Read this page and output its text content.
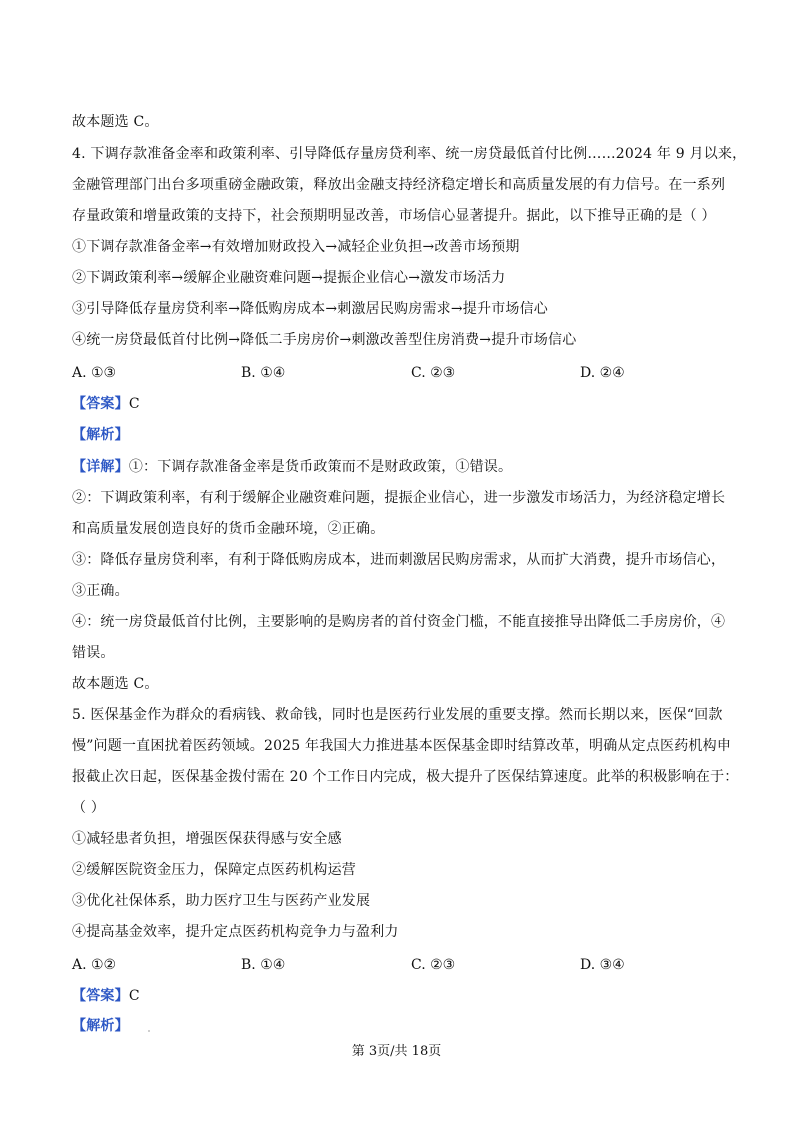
故本题选 C。
4. 下调存款准备金率和政策利率、引导降低存量房贷利率、统一房贷最低首付比例……2024 年 9 月以来，
金融管理部门出台多项重磅金融政策，释放出金融支持经济稳定增长和高质量发展的有力信号。在一系列
存量政策和增量政策的支持下，社会预期明显改善，市场信心显著提升。据此，以下推导正确的是（ ）
①下调存款准备金率→有效增加财政投入→减轻企业负担→改善市场预期
②下调政策利率→缓解企业融资难问题→提振企业信心→激发市场活力
③引导降低存量房贷利率→降低购房成本→刺激居民购房需求→提升市场信心
④统一房贷最低首付比例→降低二手房房价→刺激改善型住房消费→提升市场信心
A. ①③	B. ①④	C. ②③	D. ②④
【答案】C
【解析】
【详解】①：下调存款准备金率是货币政策而不是财政政策，①错误。
②：下调政策利率，有利于缓解企业融资难问题，提振企业信心，进一步激发市场活力，为经济稳定增长
和高质量发展创造良好的货币金融环境，②正确。
③：降低存量房贷利率，有利于降低购房成本，进而刺激居民购房需求，从而扩大消费，提升市场信心，
③正确。
④：统一房贷最低首付比例，主要影响的是购房者的首付资金门槛，不能直接推导出降低二手房房价，④
错误。
故本题选 C。
5. 医保基金作为群众的看病钱、救命钱，同时也是医药行业发展的重要支撑。然而长期以来，医保“回款
慢”问题一直困扰着医药领域。2025 年我国大力推进基本医保基金即时结算改革，明确从定点医药机构申
报截止次日起，医保基金拨付需在 20 个工作日内完成，极大提升了医保结算速度。此举的积极影响在于：
（ ）
①减轻患者负担，增强医保获得感与安全感
②缓解医院资金压力，保障定点医药机构运营
③优化社保体系，助力医疗卫生与医药产业发展
④提高基金效率，提升定点医药机构竞争力与盈利力
A. ①②	B. ①④	C. ②③	D. ③④
【答案】C
【解析】
第 3页/共 18页
